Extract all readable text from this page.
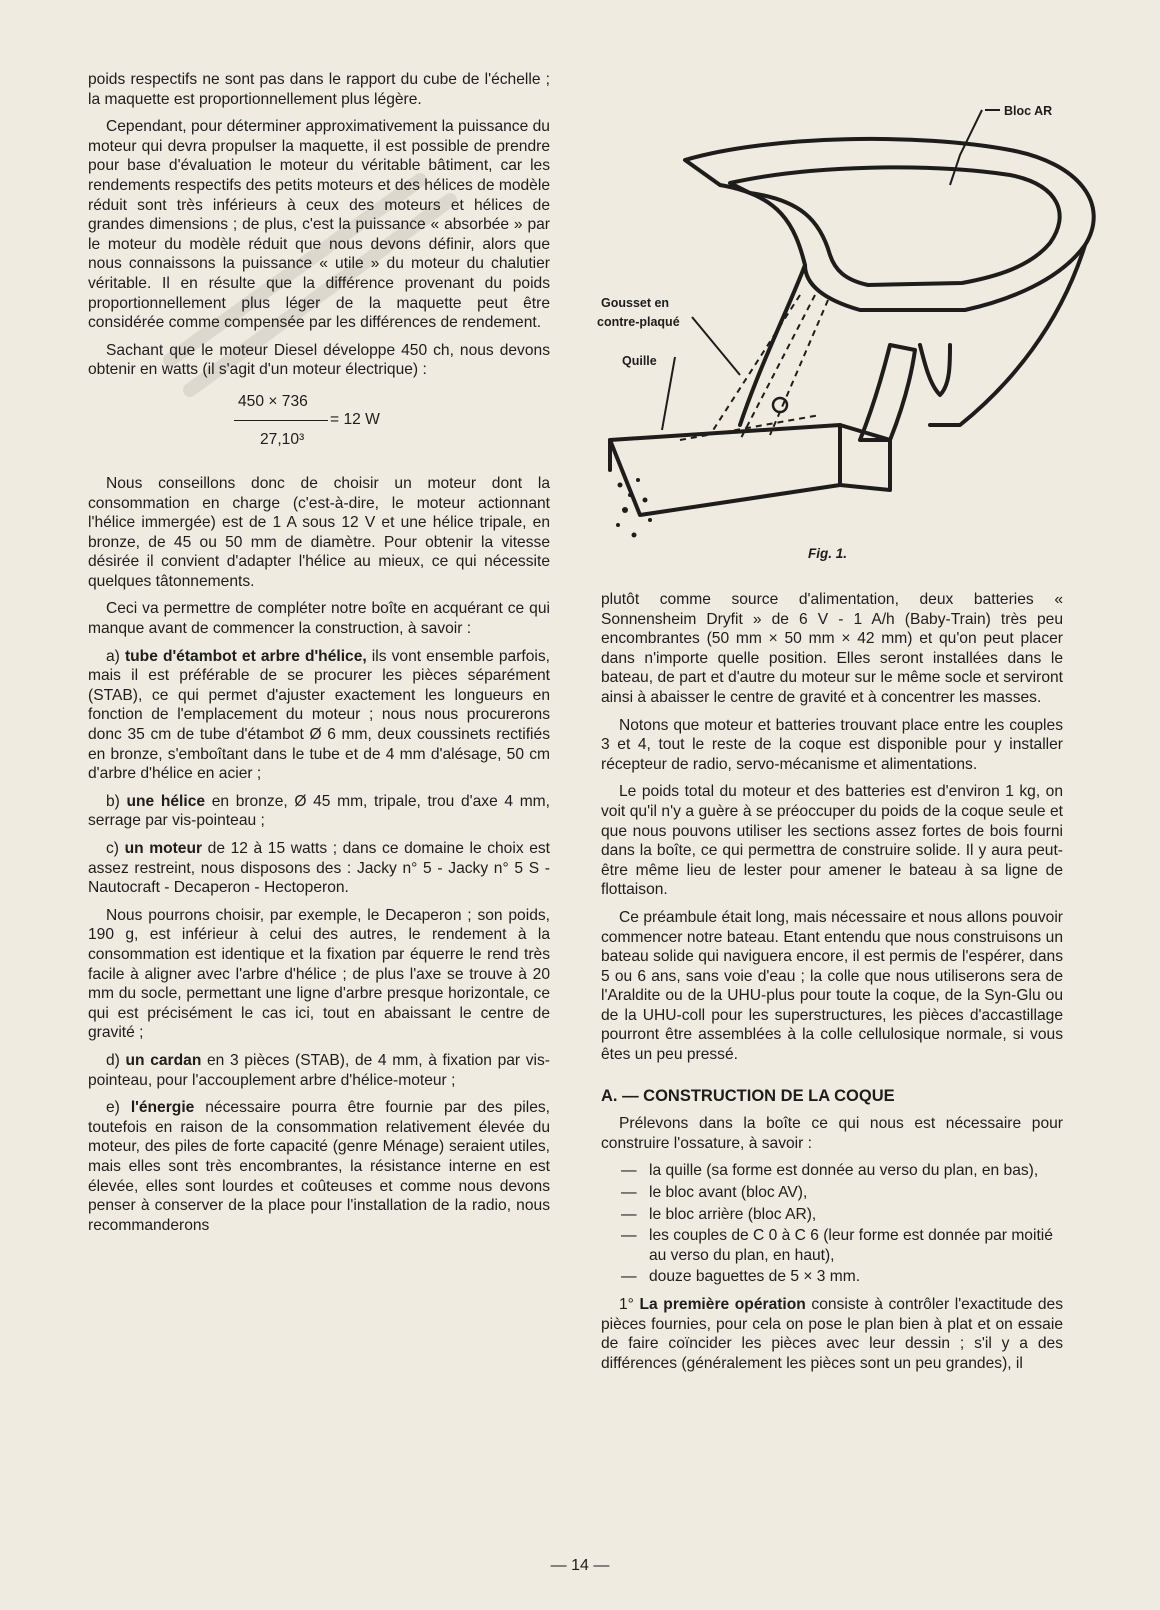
poids respectifs ne sont pas dans le rapport du cube de l'échelle ; la maquette est proportionnellement plus légère.

Cependant, pour déterminer approximativement la puissance du moteur qui devra propulser la maquette, il est possible de prendre pour base d'évaluation le moteur du véritable bâtiment, car les rendements respectifs des petits moteurs et des hélices de modèle réduit sont très inférieurs à ceux des moteurs et hélices de grandes dimensions ; de plus, c'est la puissance « absorbée » par le moteur du modèle réduit que nous devons définir, alors que nous connaissons la puissance « utile » du moteur du chalutier véritable. Il en résulte que la différence provenant du poids proportionnellement plus léger de la maquette peut être considérée comme compensée par les différences de rendement.

Sachant que le moteur Diesel développe 450 ch, nous devons obtenir en watts (il s'agit d'un moteur électrique) :

450 × 736
= 12 W
27,10³

Nous conseillons donc de choisir un moteur dont la consommation en charge (c'est-à-dire, le moteur actionnant l'hélice immergée) est de 1 A sous 12 V et une hélice tripale, en bronze, de 45 ou 50 mm de diamètre. Pour obtenir la vitesse désirée il convient d'adapter l'hélice au mieux, ce qui nécessite quelques tâtonnements.

Ceci va permettre de compléter notre boîte en acquérant ce qui manque avant de commencer la construction, à savoir :

a) tube d'étambot et arbre d'hélice, ils vont ensemble parfois, mais il est préférable de se procurer les pièces séparément (STAB), ce qui permet d'ajuster exactement les longueurs en fonction de l'emplacement du moteur ; nous nous procurerons donc 35 cm de tube d'étambot Ø 6 mm, deux coussinets rectifiés en bronze, s'emboîtant dans le tube et de 4 mm d'alésage, 50 cm d'arbre d'hélice en acier ;

b) une hélice en bronze, Ø 45 mm, tripale, trou d'axe 4 mm, serrage par vis-pointeau ;

c) un moteur de 12 à 15 watts ; dans ce domaine le choix est assez restreint, nous disposons des : Jacky n° 5 - Jacky n° 5 S - Nautocraft - Decaperon - Hectoperon.

Nous pourrons choisir, par exemple, le Decaperon ; son poids, 190 g, est inférieur à celui des autres, le rendement à la consommation est identique et la fixation par équerre le rend très facile à aligner avec l'arbre d'hélice ; de plus l'axe se trouve à 20 mm du socle, permettant une ligne d'arbre presque horizontale, ce qui est précisément le cas ici, tout en abaissant le centre de gravité ;

d) un cardan en 3 pièces (STAB), de 4 mm, à fixation par vis-pointeau, pour l'accouplement arbre d'hélice-moteur ;

e) l'énergie nécessaire pourra être fournie par des piles, toutefois en raison de la consommation relativement élevée du moteur, des piles de forte capacité (genre Ménage) seraient utiles, mais elles sont très encombrantes, la résistance interne en est élevée, elles sont lourdes et coûteuses et comme nous devons penser à conserver de la place pour l'installation de la radio, nous recommanderons

Bloc AR
Gousset en
contre-plaqué
Quille
Fig. 1.

plutôt comme source d'alimentation, deux batteries « Sonnensheim Dryfit » de 6 V - 1 A/h (Baby-Train) très peu encombrantes (50 mm × 50 mm × 42 mm) et qu'on peut placer dans n'importe quelle position. Elles seront installées dans le bateau, de part et d'autre du moteur sur le même socle et serviront ainsi à abaisser le centre de gravité et à concentrer les masses.

Notons que moteur et batteries trouvant place entre les couples 3 et 4, tout le reste de la coque est disponible pour y installer récepteur de radio, servo-mécanisme et alimentations.

Le poids total du moteur et des batteries est d'environ 1 kg, on voit qu'il n'y a guère à se préoccuper du poids de la coque seule et que nous pouvons utiliser les sections assez fortes de bois fourni dans la boîte, ce qui permettra de construire solide. Il y aura peut-être même lieu de lester pour amener le bateau à sa ligne de flottaison.

Ce préambule était long, mais nécessaire et nous allons pouvoir commencer notre bateau. Etant entendu que nous construisons un bateau solide qui naviguera encore, il est permis de l'espérer, dans 5 ou 6 ans, sans voie d'eau ; la colle que nous utiliserons sera de l'Araldite ou de la UHU-plus pour toute la coque, de la Syn-Glu ou de la UHU-coll pour les superstructures, les pièces d'accastillage pourront être assemblées à la colle cellulosique normale, si vous êtes un peu pressé.

A. — CONSTRUCTION DE LA COQUE

Prélevons dans la boîte ce qui nous est nécessaire pour construire l'ossature, à savoir :

— la quille (sa forme est donnée au verso du plan, en bas),
— le bloc avant (bloc AV),
— le bloc arrière (bloc AR),
— les couples de C 0 à C 6 (leur forme est donnée par moitié au verso du plan, en haut),
— douze baguettes de 5 × 3 mm.

1° La première opération consiste à contrôler l'exactitude des pièces fournies, pour cela on pose le plan bien à plat et on essaie de faire coïncider les pièces avec leur dessin ; s'il y a des différences (généralement les pièces sont un peu grandes), il

— 14 —
